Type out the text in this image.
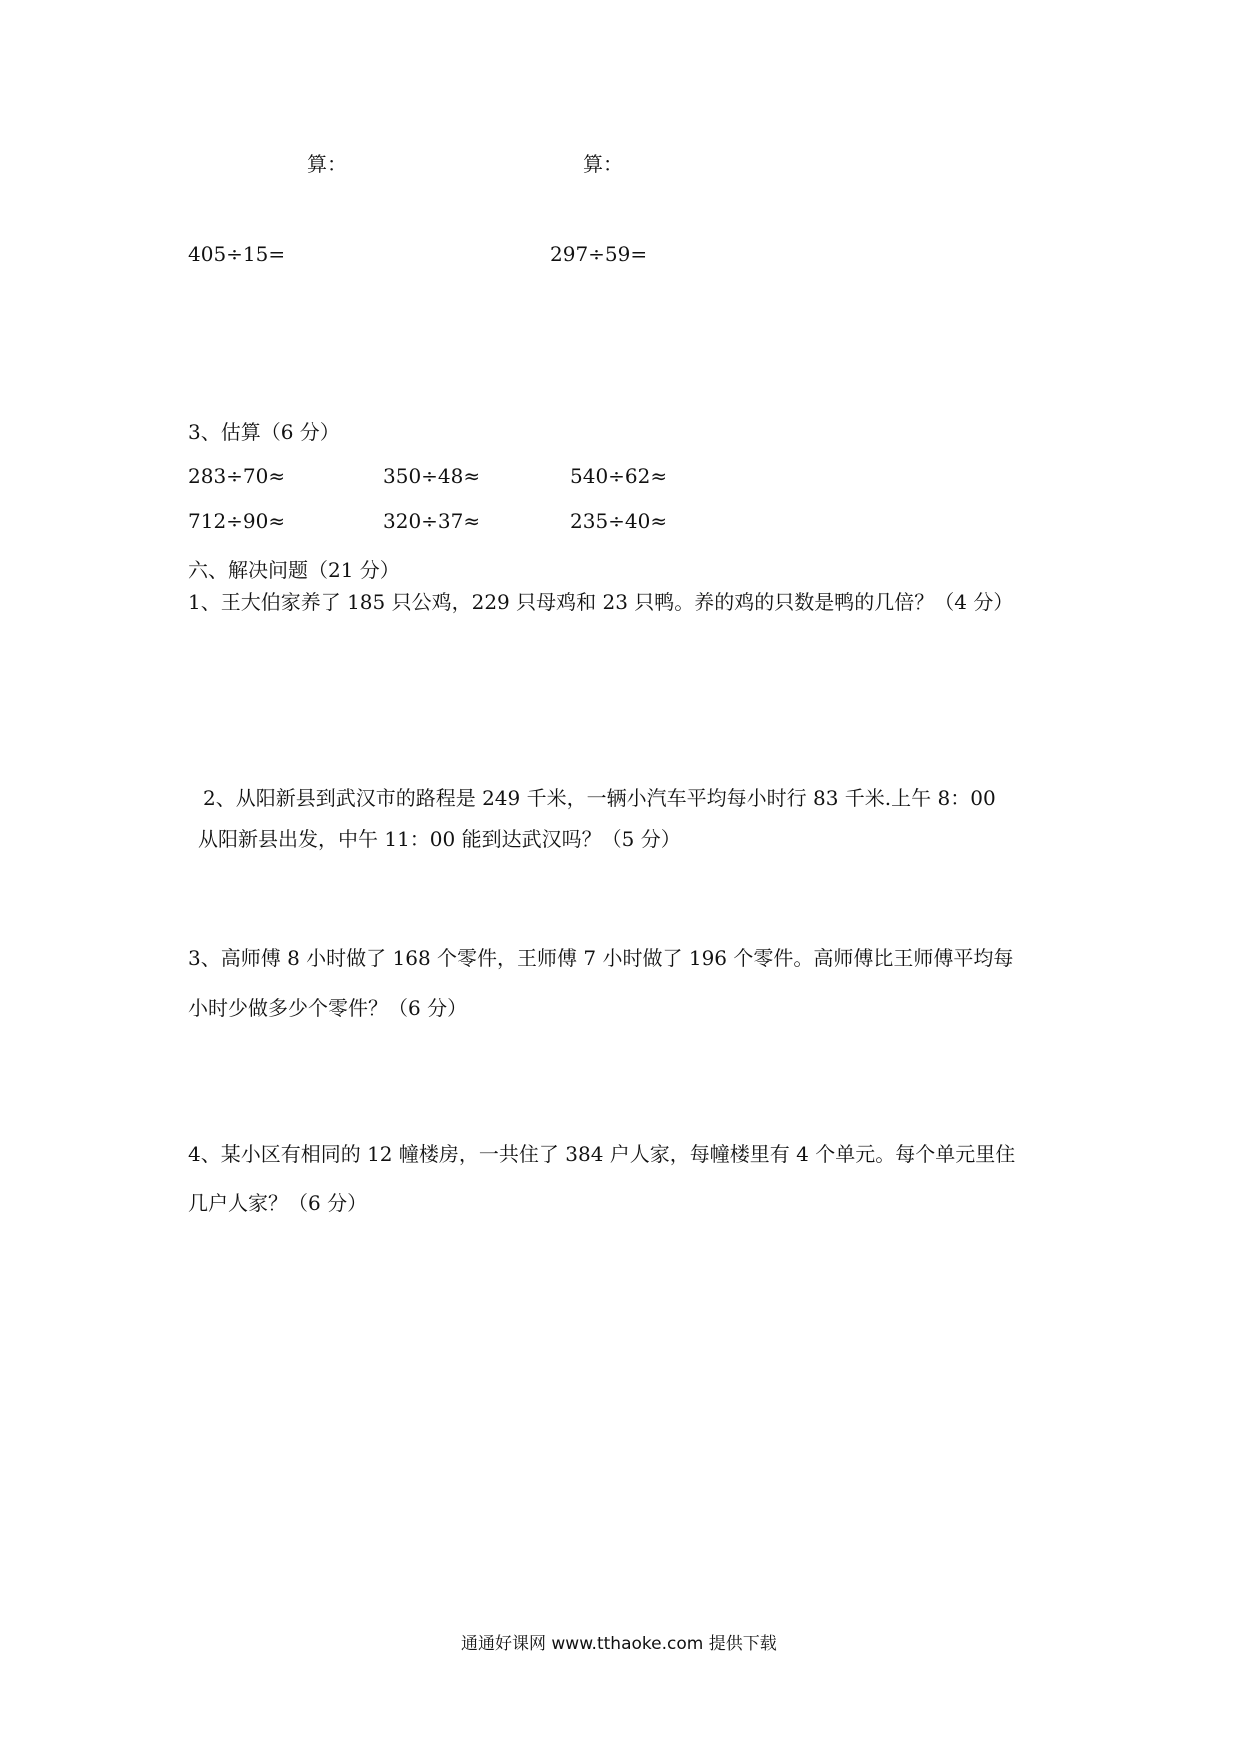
算：	算：
405÷15=	297÷59=
3、估算（6 分）
283÷70≈	350÷48≈	540÷62≈
712÷90≈	320÷37≈	235÷40≈
六、解决问题（21 分）
1、王大伯家养了 185 只公鸡，229 只母鸡和 23 只鸭。养的鸡的只数是鸭的几倍？（4 分）
2、从阳新县到武汉市的路程是 249 千米，一辆小汽车平均每小时行 83 千米.上午 8：00
从阳新县出发，中午 11：00 能到达武汉吗？（5 分）
3、高师傅 8 小时做了 168 个零件，王师傅 7 小时做了 196 个零件。高师傅比王师傅平均每
小时少做多少个零件？（6 分）
4、某小区有相同的 12 幢楼房，一共住了 384 户人家，每幢楼里有 4 个单元。每个单元里住
几户人家？（6 分）
通通好课网 www.tthaoke.com 提供下载
